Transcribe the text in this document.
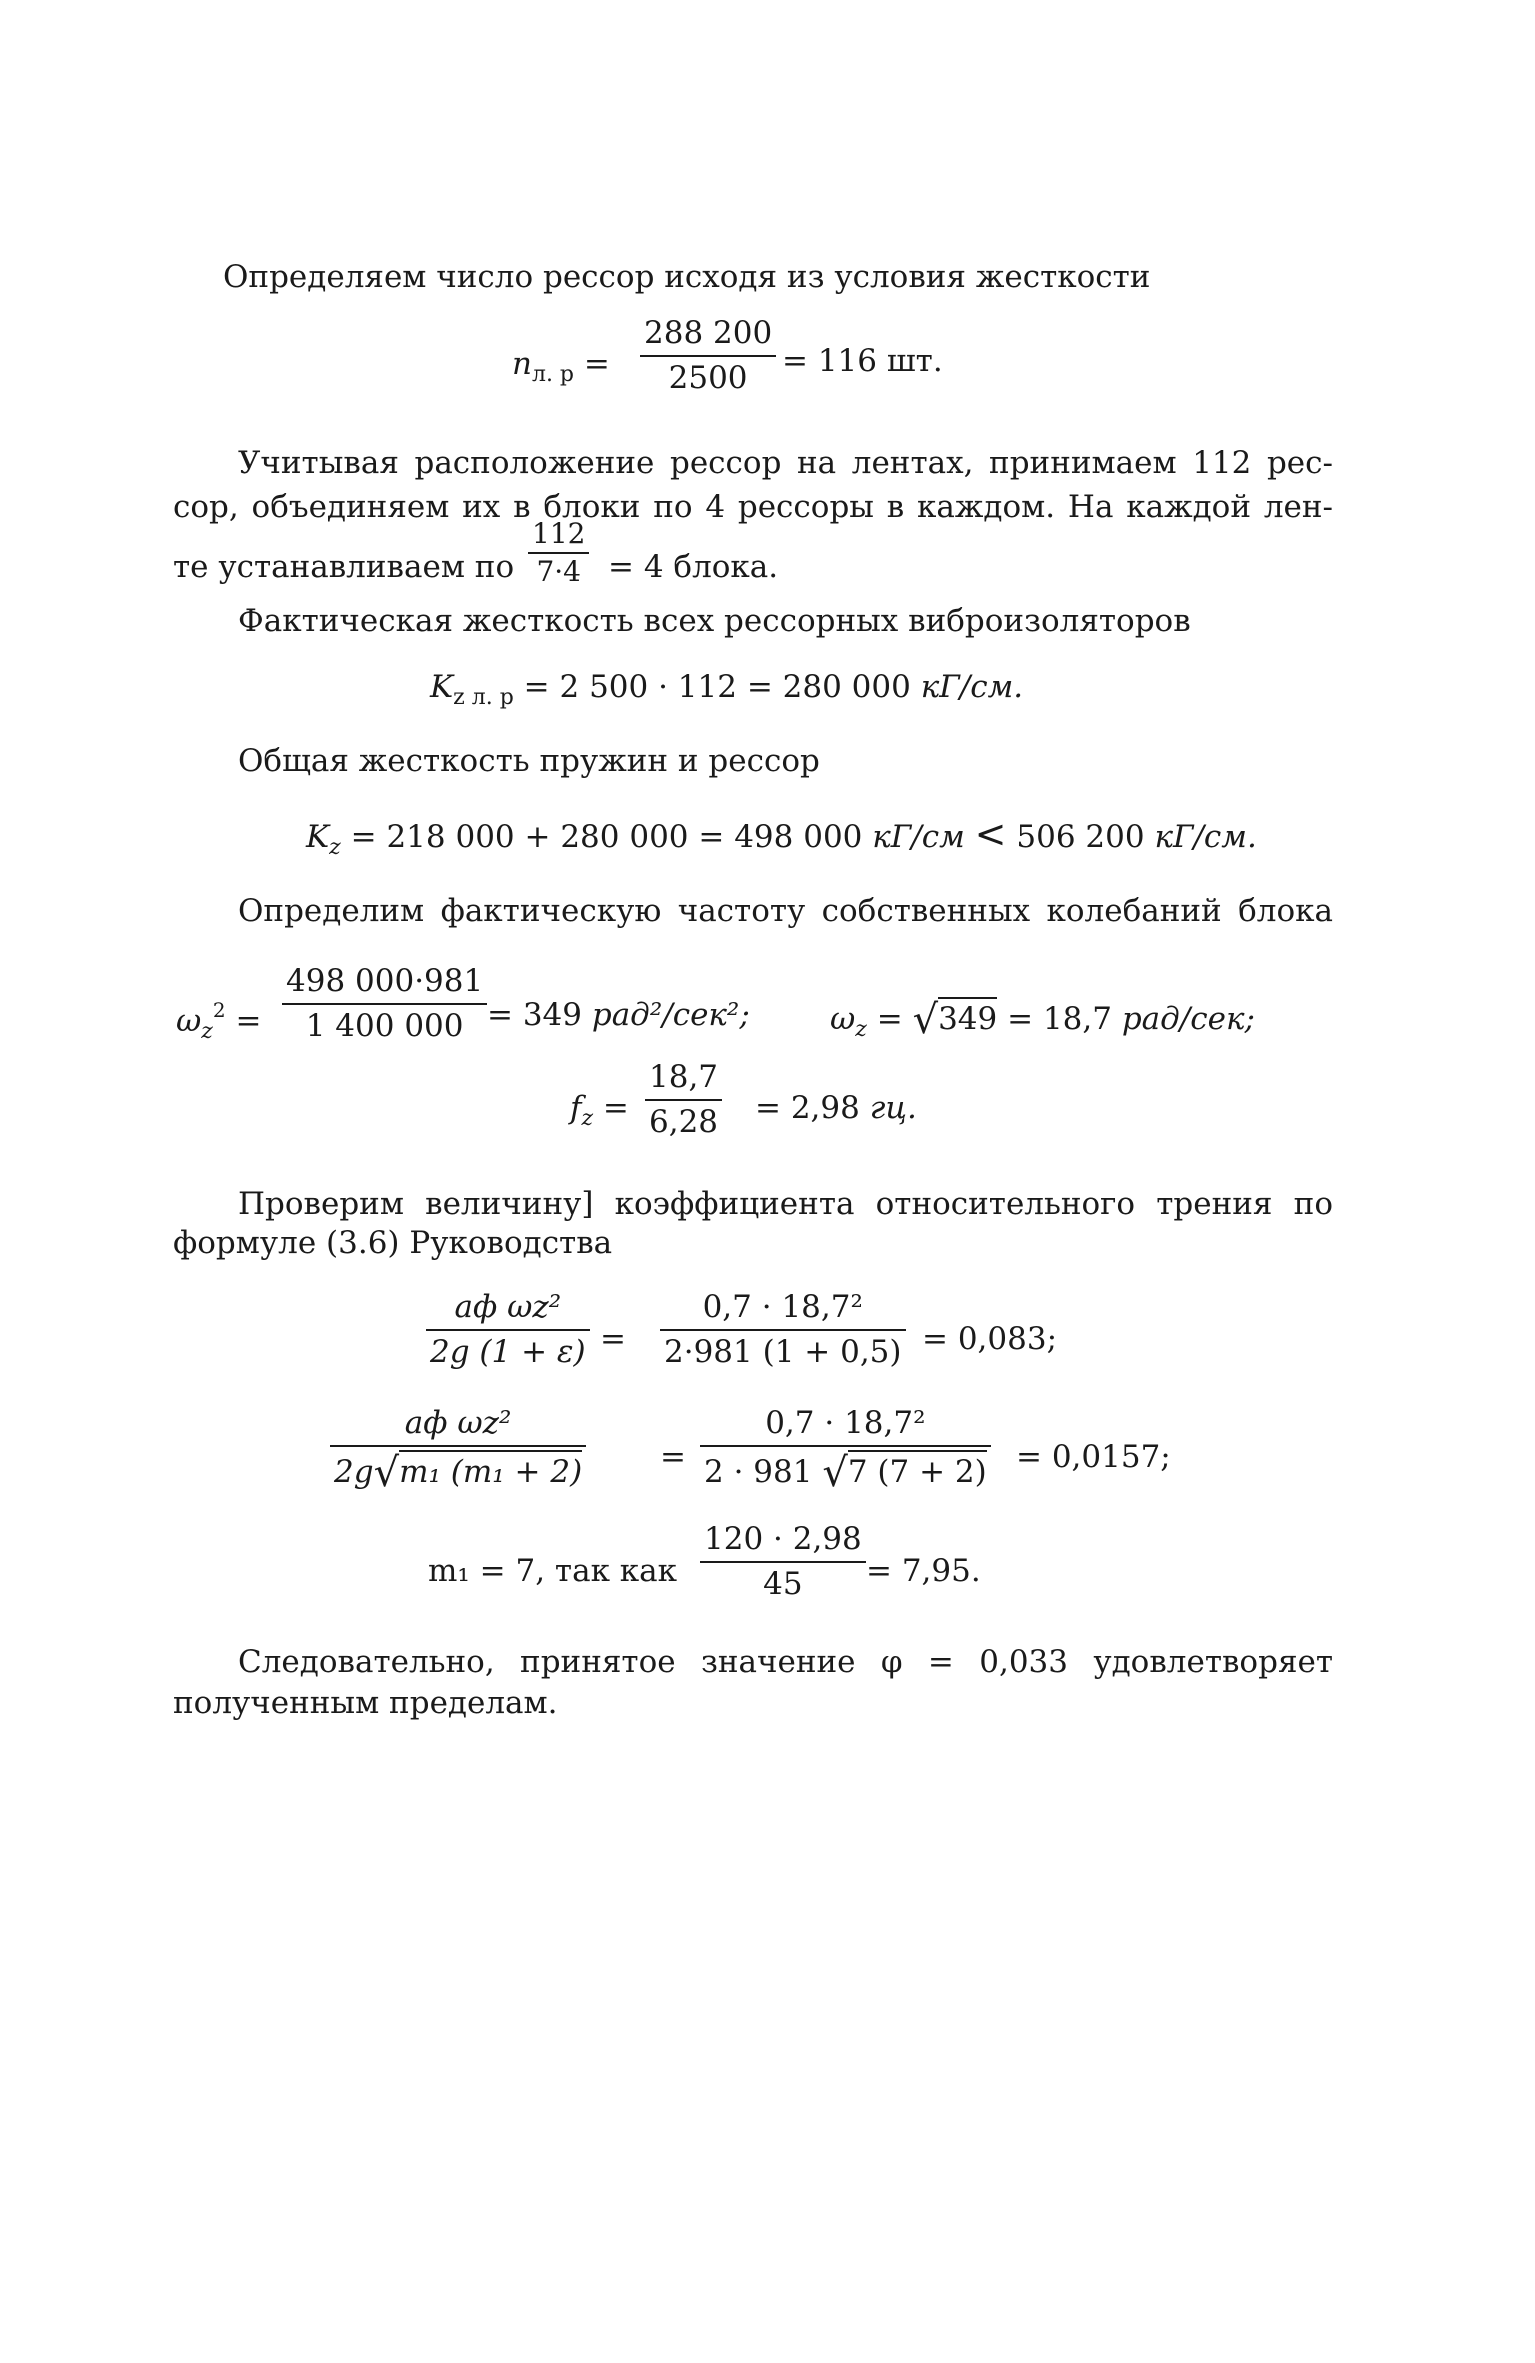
Определяем число рессор исходя из условия жесткости
$n_{л. р}$ =
288 200
2500 = 116 шт.
Учитывая расположение рессор на лентах, принимаем 112 рес-
сор, объединяем их в блоки по 4 рессоры в каждом. На каждой лен-
те устанавливаем по
112
7·4 = 4 блока.
Фактическая жесткость всех рессорных виброизоляторов
$K_{z л. р} = 2$ 500 · 112 = 280 000 кГ/см.
Общая жесткость пружин и рессор
$K_z = 218$ 000 + 280 000 = 498 000 кГ/см < 506 200 кГ/см.
Определим фактическую частоту собственных колебаний блока
$\omega_z^2$ =
498 000·981
1 400 000 = 349 рад²/сек²;	$\omega_z = √349 = 18,7$ рад/сек;
$f_z$ =
18,7
6,28 = 2,98 гц.
Проверим величину] коэффициента относительного трения по
формуле (3.6) Руководства
aф ωz²
2g (1 + ε) =
0,7 · 18,7²
2·981 (1 + 0,5) = 0,083;
aф ωz²
2g√m₁ (m₁ + 2)	=
0,7 · 18,7²
2 · 981 √7 (7 + 2) = 0,0157;
m₁ = 7, так как
120 · 2,98
45 = 7,95.
Следовательно, принятое значение φ = 0,033 удовлетворяет
полученным пределам.
